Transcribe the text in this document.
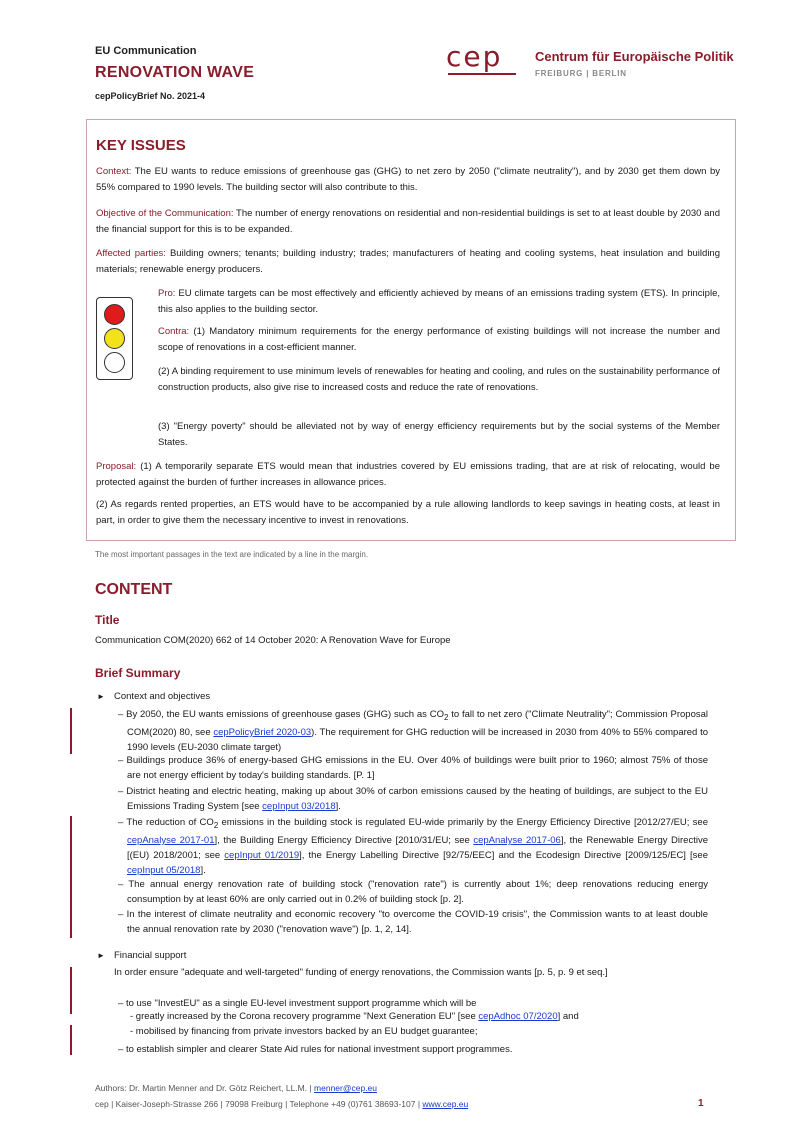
EU Communication
RENOVATION WAVE
cepPolicyBrief No. 2021-4
cep	Centrum für Europäische Politik
FREIBURG | BERLIN
KEY ISSUES

Context: The EU wants to reduce emissions of greenhouse gas (GHG) to net zero by 2050 ("climate neutrality"), and by 2030 get them down by 55% compared to 1990 levels. The building sector will also contribute to this.

Objective of the Communication: The number of energy renovations on residential and non-residential buildings is set to at least double by 2030 and the financial support for this is to be expanded.

Affected parties: Building owners; tenants; building industry; trades; manufacturers of heating and cooling systems, heat insulation and building materials; renewable energy producers.

Pro: EU climate targets can be most effectively and efficiently achieved by means of an emissions trading system (ETS). In principle, this also applies to the building sector.

Contra: (1) Mandatory minimum requirements for the energy performance of existing buildings will not increase the number and scope of renovations in a cost-efficient manner.

(2) A binding requirement to use minimum levels of renewables for heating and cooling, and rules on the sustainability performance of construction products, also give rise to increased costs and reduce the rate of renovations.

(3) "Energy poverty" should be alleviated not by way of energy efficiency requirements but by the social systems of the Member States.

Proposal: (1) A temporarily separate ETS would mean that industries covered by EU emissions trading, that are at risk of relocating, would be protected against the burden of further increases in allowance prices.

(2) As regards rented properties, an ETS would have to be accompanied by a rule allowing landlords to keep savings in heating costs, at least in part, in order to give them the necessary incentive to invest in renovations.

The most important passages in the text are indicated by a line in the margin.
CONTENT
Title
Communication COM(2020) 662 of 14 October 2020: A Renovation Wave for Europe
Brief Summary
► Context and objectives
– By 2050, the EU wants emissions of greenhouse gases (GHG) such as $CO_2$ to fall to net zero ("Climate Neutrality"; Commission Proposal COM(2020) 80, see cepPolicyBrief 2020-03). The requirement for GHG reduction will be increased in 2030 from 40% to 55% compared to 1990 levels (EU-2030 climate target)
– Buildings produce 36% of energy-based GHG emissions in the EU. Over 40% of buildings were built prior to 1960; almost 75% of those are not energy efficient by today's building standards. [P. 1]
– District heating and electric heating, making up about 30% of carbon emissions caused by the heating of buildings, are subject to the EU Emissions Trading System [see cepInput 03/2018].
– The reduction of $CO_2$ emissions in the building stock is regulated EU-wide primarily by the Energy Efficiency Directive [2012/27/EU; see cepAnalyse 2017-01], the Building Energy Efficiency Directive [2010/31/EU; see cepAnalyse 2017-06], the Renewable Energy Directive [(EU) 2018/2001; see cepInput 01/2019], the Energy Labelling Directive [92/75/EEC] and the Ecodesign Directive [2009/125/EC] [see cepInput 05/2018].
– The annual energy renovation rate of building stock ("renovation rate") is currently about 1%; deep renovations reducing energy consumption by at least 60% are only carried out in 0.2% of building stock [p. 2].
– In the interest of climate neutrality and economic recovery "to overcome the COVID-19 crisis", the Commission wants to at least double the annual renovation rate by 2030 ("renovation wave") [p. 1, 2, 14].
► Financial support
In order ensure "adequate and well-targeted" funding of energy renovations, the Commission wants [p. 5, p. 9 et seq.]
– to use "InvestEU" as a single EU-level investment support programme which will be
- greatly increased by the Corona recovery programme "Next Generation EU" [see cepAdhoc 07/2020] and
- mobilised by financing from private investors backed by an EU budget guarantee;
– to establish simpler and clearer State Aid rules for national investment support programmes.
Authors: Dr. Martin Menner and Dr. Götz Reichert, LL.M. | menner@cep.eu
cep | Kaiser-Joseph-Strasse 266 | 79098 Freiburg | Telephone +49 (0)761 38693-107 | www.cep.eu	1
